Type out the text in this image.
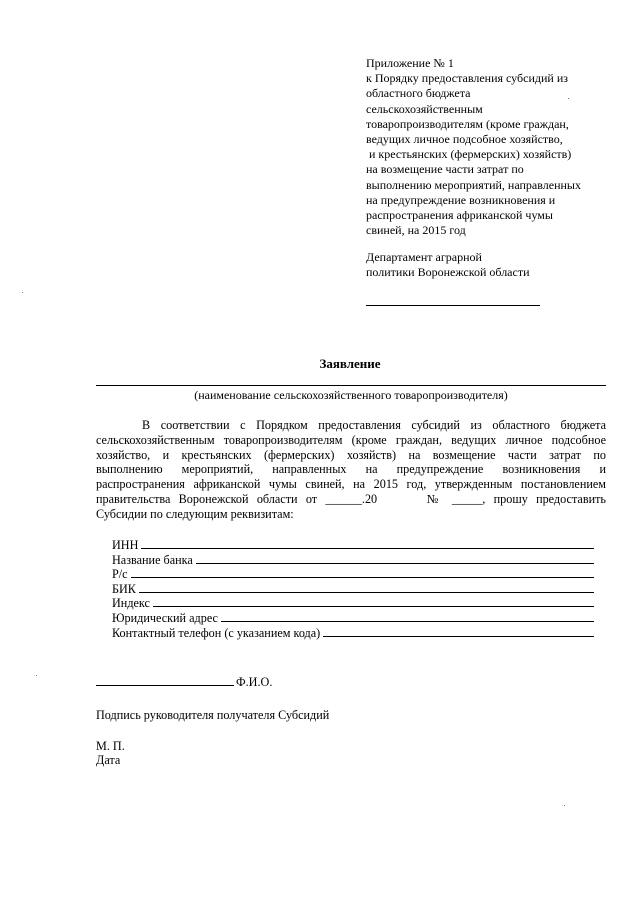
Приложение № 1
к Порядку предоставления субсидий из
областного бюджета
сельскохозяйственным
товаропроизводителям (кроме граждан,
ведущих личное подсобное хозяйство,
и крестьянских (фермерских) хозяйств)
на возмещение части затрат по
выполнению мероприятий, направленных
на предупреждение возникновения и
распространения африканской чумы
свиней, на 2015 год
Департамент аграрной
политики Воронежской области
Заявление
(наименование сельскохозяйственного товаропроизводителя)
В соответствии с Порядком предоставления субсидий из областного бюджета
сельскохозяйственным товаропроизводителям (кроме граждан, ведущих личное подсобное
хозяйство, и крестьянских (фермерских) хозяйств) на возмещение части затрат по
выполнению мероприятий, направленных на предупреждение возникновения и
распространения африканской чумы свиней, на 2015 год, утвержденным постановлением
правительства Воронежской области от ______.20      № _____, прошу предоставить
Субсидии по следующим реквизитам:
ИНН
Название банка
Р/с
БИК
Индекс
Юридический адрес
Контактный телефон (с указанием кода)
Ф.И.О.
Подпись руководителя получателя Субсидий
М. П.
Дата
